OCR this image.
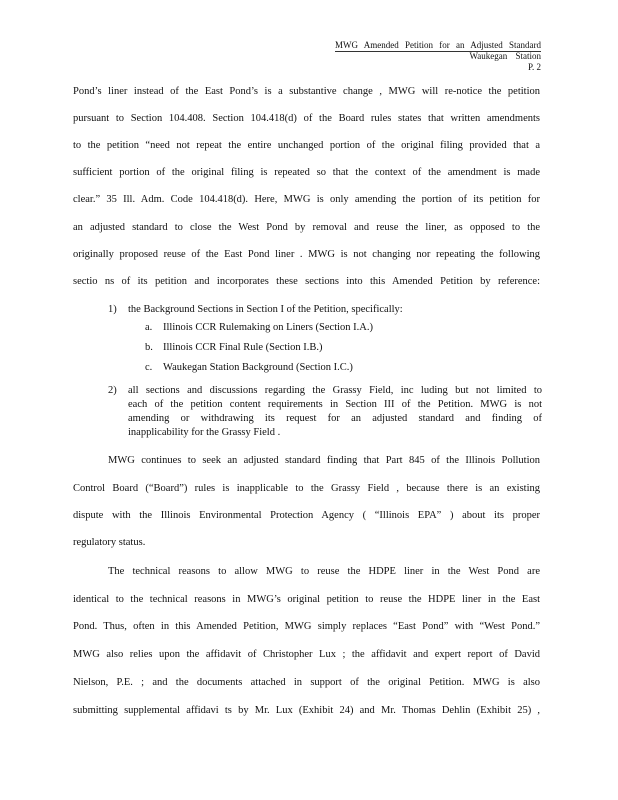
MWG Amended Petition for an Adjusted Standard
Waukegan Station
P. 2
Pond’s liner instead of the East Pond’s is a substantive change , MWG will re-notice the petition
pursuant to Section 104.408. Section 104.418(d) of the Board rules states that written amendments
to the petition “need not repeat the entire unchanged portion of the original filing provided that a
sufficient portion of the original filing is repeated so that the context of the amendment is made
clear.” 35 Ill. Adm. Code 104.418(d). Here, MWG is only amending the portion of its petition for
an adjusted standard to close the West Pond by removal and reuse the liner, as opposed to the
originally proposed reuse of the East Pond liner . MWG is not changing nor repeating the following
sectio ns of its petition and incorporates these sections into this Amended Petition by reference:
1) the Background Sections in Section I of the Petition, specifically:
a. Illinois CCR Rulemaking on Liners (Section I.A.)
b. Illinois CCR Final Rule (Section I.B.)
c. Waukegan Station Background (Section I.C.)
2) all sections and discussions regarding the Grassy Field, inc luding but not limited to
each of the petition content requirements in Section III of the Petition. MWG is not
amending or withdrawing its request for an adjusted standard and finding of
inapplicability for the Grassy Field .
MWG continues to seek an adjusted standard finding that Part 845 of the Illinois Pollution
Control Board (“Board”) rules is inapplicable to the Grassy Field , because there is an existing
dispute with the Illinois Environmental Protection Agency ( “Illinois EPA” ) about its proper
regulatory status.
The technical reasons to allow MWG to reuse the HDPE liner in the West Pond are
identical to the technical reasons in MWG’s original petition to reuse the HDPE liner in the East
Pond. Thus, often in this Amended Petition, MWG simply replaces “East Pond” with “West Pond.”
MWG also relies upon the affidavit of Christopher Lux ; the affidavit and expert report of David
Nielson, P.E. ; and the documents attached in support of the original Petition. MWG is also
submitting supplemental affidavi ts by Mr. Lux (Exhibit 24) and Mr. Thomas Dehlin (Exhibit 25) ,
